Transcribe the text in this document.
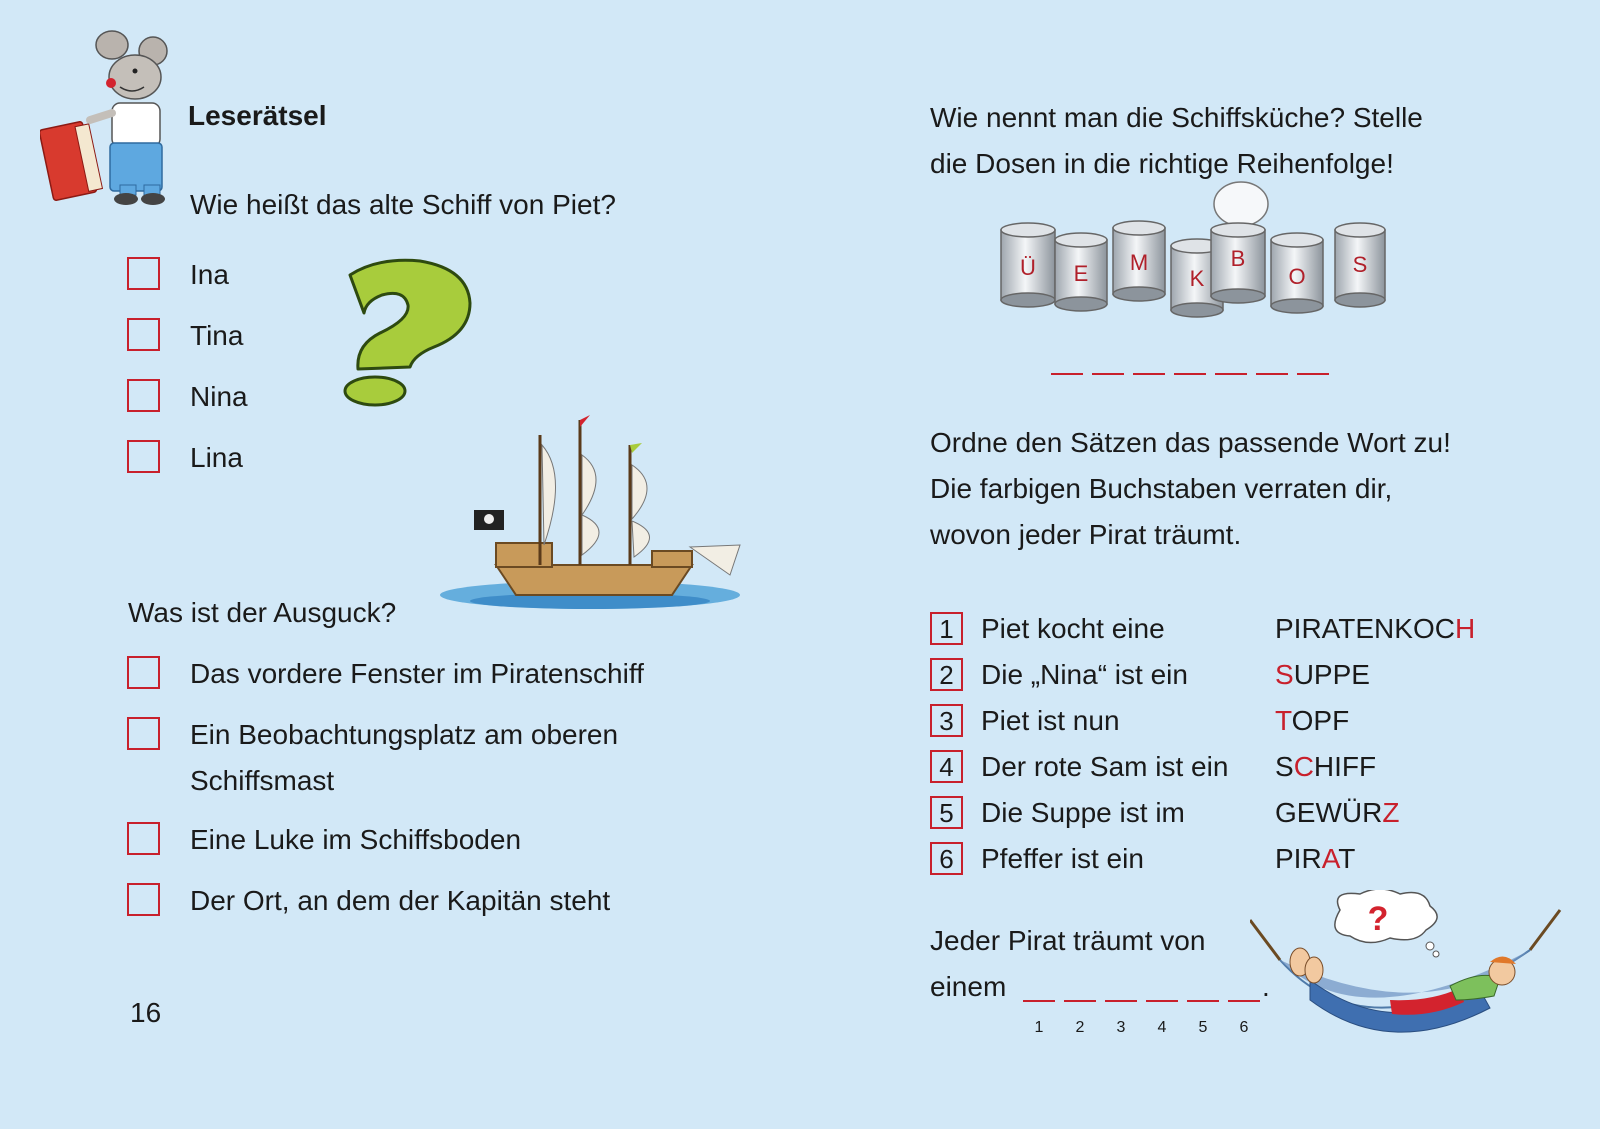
Leserätsel
Wie heißt das alte Schiff von Piet?
Ina
Tina
Nina
Lina
Was ist der Ausguck?
Das vordere Fenster im Piratenschiff
Ein Beobachtungsplatz am oberen
Schiffsmast
Eine Luke im Schiffsboden
Der Ort, an dem der Kapitän steht
16
Wie nennt man die Schiffsküche? Stelle
die Dosen in die richtige Reihenfolge!
Ü E M
K
B
O S
Ordne den Sätzen das passende Wort zu!
Die farbigen Buchstaben verraten dir,
wovon jeder Pirat träumt.
1 Piet kocht eine	PIRATENKOCH
2 Die „Nina“ ist ein	SUPPE
3 Piet ist nun	TOPF
4 Der rote Sam ist ein SCHIFF
5 Die Suppe ist im	GEWÜRZ
6 Pfeffer ist ein	PIRAT
Jeder Pirat träumt von
einem	.
1	2	3	4	5	6
?
